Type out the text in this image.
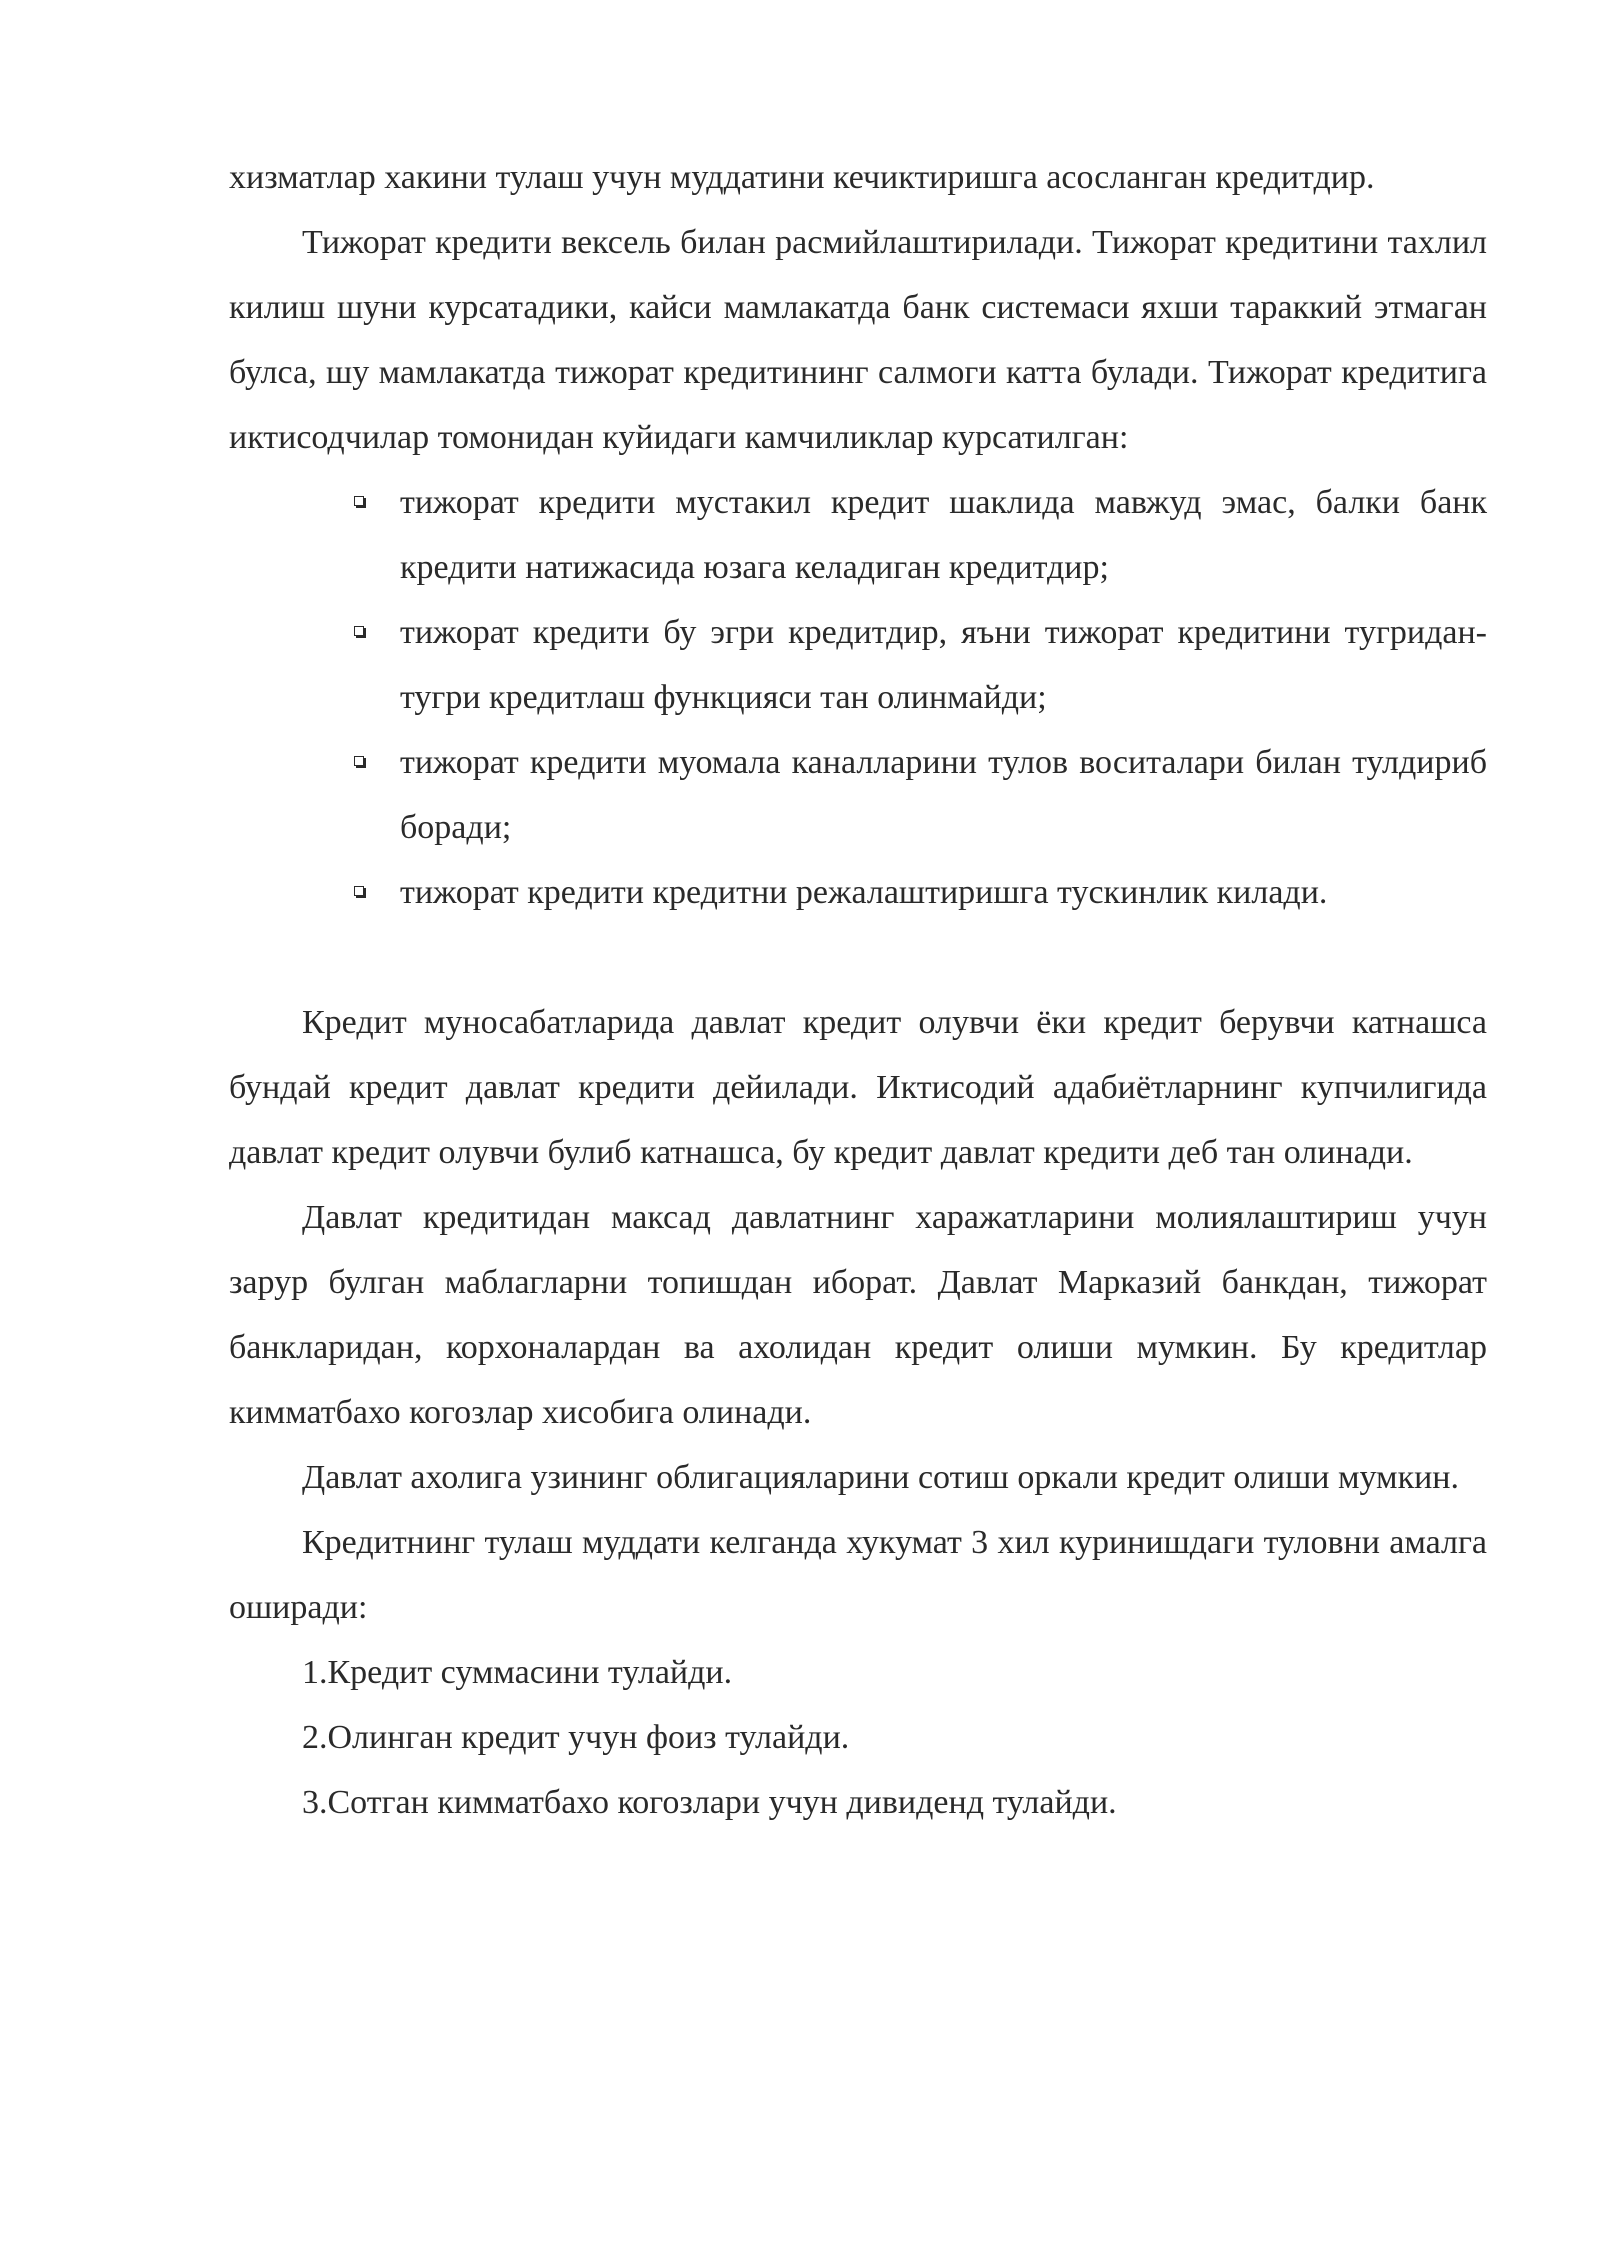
хизматлар хакини тулаш учун муддатини кечиктиришга асосланган кредитдир.

Тижорат кредити вексель билан расмийлаштирилади. Тижорат кредитини тахлил килиш шуни курсатадики, кайси мамлакатда банк системаси яхши тараккий этмаган булса, шу мамлакатда тижорат кредитининг салмоги катта булади. Тижорат кредитига иктисодчилар томонидан куйидаги камчиликлар курсатилган:

тижорат кредити мустакил кредит шаклида мавжуд эмас, балки банк кредити натижасида юзага келадиган кредитдир;
тижорат кредити бу эгри кредитдир, яъни тижорат кредитини тугридан-тугри кредитлаш функцияси тан олинмайди;
тижорат кредити муомала каналларини тулов воситалари билан тулдириб боради;
тижорат кредити кредитни режалаштиришга тускинлик килади.

Кредит муносабатларида давлат кредит олувчи ёки кредит берувчи катнашса бундай кредит давлат кредити дейилади. Иктисодий адабиётларнинг купчилигида давлат кредит олувчи булиб катнашса, бу кредит давлат кредити деб тан олинади.

Давлат кредитидан максад давлатнинг харажатларини молиялаштириш учун зарур булган маблагларни топишдан иборат. Давлат Марказий банкдан, тижорат банкларидан, корхоналардан ва ахолидан кредит олиши мумкин. Бу кредитлар кимматбахо когозлар хисобига олинади.

Давлат ахолига узининг облигацияларини сотиш оркали кредит олиши мумкин.

Кредитнинг тулаш муддати келганда хукумат 3 хил куринишдаги туловни амалга оширади:

1.Кредит суммасини тулайди.

2.Олинган кредит учун фоиз тулайди.

3.Сотган кимматбахо когозлари учун дивиденд тулайди.
